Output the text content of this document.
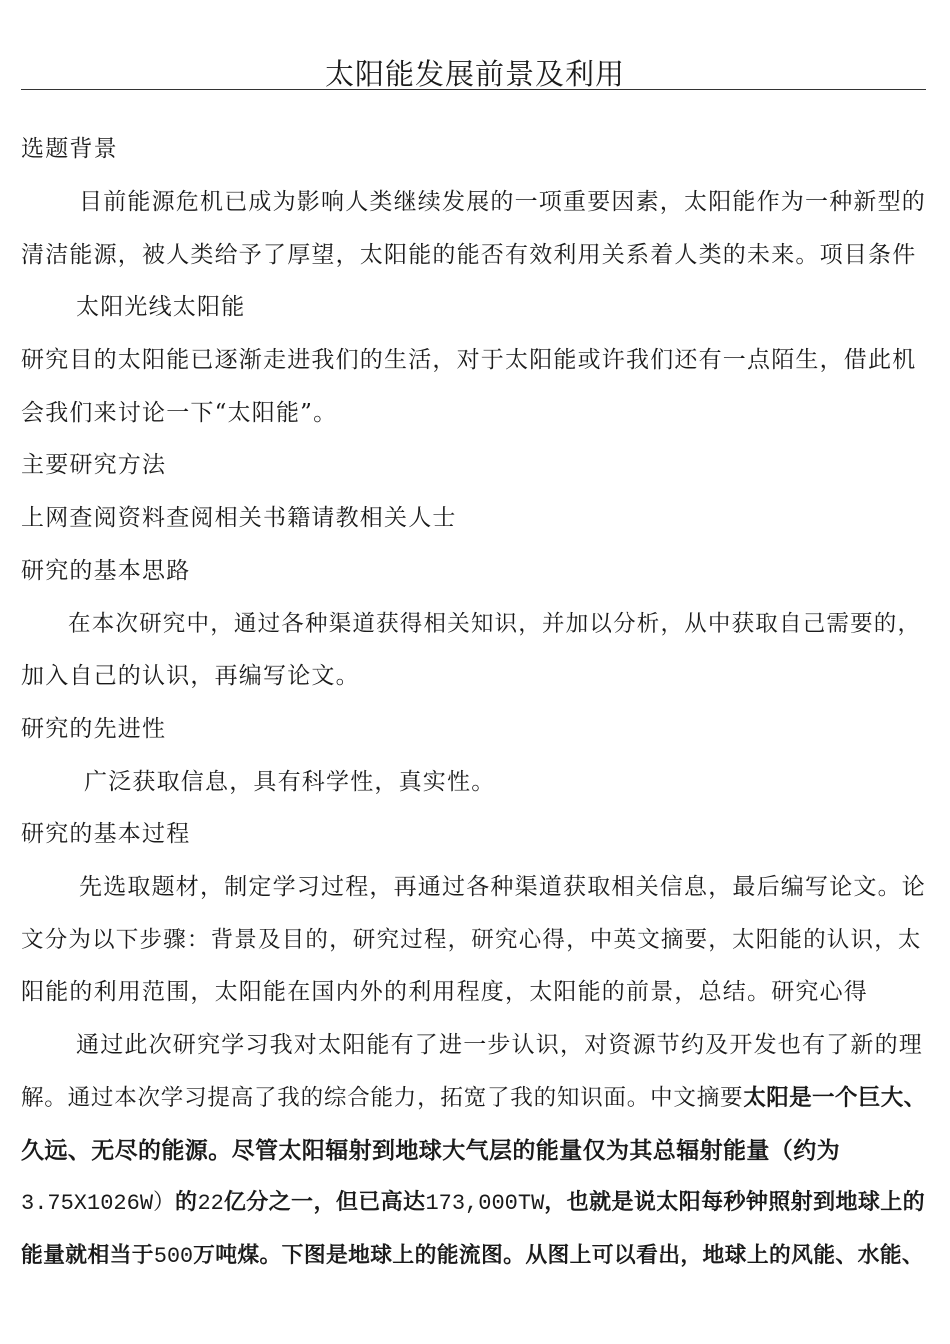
太阳能发展前景及利用
选题背景
目前能源危机已成为影响人类继续发展的一项重要因素，太阳能作为一种新型的
清洁能源，被人类给予了厚望，太阳能的能否有效利用关系着人类的未来。项目条件
太阳光线太阳能
研究目的太阳能已逐渐走进我们的生活，对于太阳能或许我们还有一点陌生，借此机
会我们来讨论一下“太阳能”。
主要研究方法
上网查阅资料查阅相关书籍请教相关人士
研究的基本思路
在本次研究中，通过各种渠道获得相关知识，并加以分析，从中获取自己需要的，
加入自己的认识，再编写论文。
研究的先进性
广泛获取信息，具有科学性，真实性。
研究的基本过程
先选取题材，制定学习过程，再通过各种渠道获取相关信息，最后编写论文。论
文分为以下步骤：背景及目的，研究过程，研究心得，中英文摘要，太阳能的认识，太
阳能的利用范围，太阳能在国内外的利用程度，太阳能的前景，总结。研究心得
通过此次研究学习我对太阳能有了进一步认识，对资源节约及开发也有了新的理
解。通过本次学习提高了我的综合能力，拓宽了我的知识面。中文摘要太阳是一个巨大、
久远、无尽的能源。尽管太阳辐射到地球大气层的能量仅为其总辐射能量（约为
3.75X1026W）的22亿分之一，但已高达173,000TW，也就是说太阳每秒钟照射到地球上的
能量就相当于500万吨煤。下图是地球上的能流图。从图上可以看出，地球上的风能、水能、
